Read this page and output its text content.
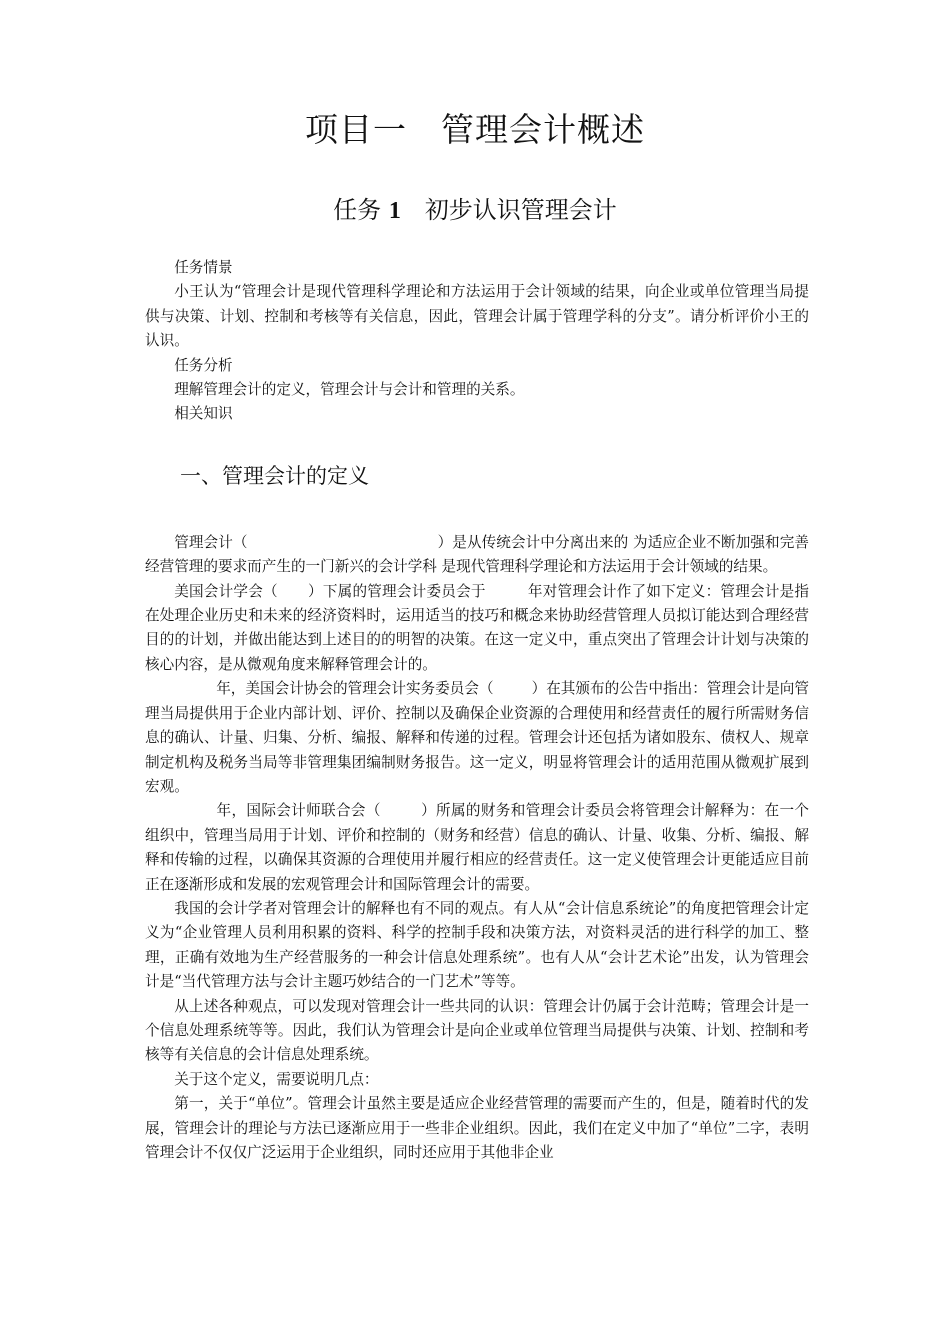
项目一　管理会计概述
任务 1　 初步认识管理会计

任务情景

小王认为“管理会计是现代管理科学理论和方法运用于会计领域的结果，向企业或单位管理当局提供与决策、计划、控制和考核等有关信息，因此，管理会计属于管理学科的分支”。请分析评价小王的认识。

任务分析

理解管理会计的定义，管理会计与会计和管理的关系。

相关知识

一、管理会计的定义

管理会计（	）是从传统会计中分离出来的 为适应企业不断加强和完善经营管理的要求而产生的一门新兴的会计学科 是现代管理科学理论和方法运用于会计领域的结果。

美国会计学会（ ）下属的管理会计委员会于	年对管理会计作了如下定义：管理会计是指在处理企业历史和未来的经济资料时，运用适当的技巧和概念来协助经营管理人员拟订能达到合理经营目的的计划，并做出能达到上述目的的明智的决策。在这一定义中，重点突出了管理会计计划与决策的核心内容，是从微观角度来解释管理会计的。

年，美国会计协会的管理会计实务委员会（	）在其颁布的公告中指出：管理会计是向管理当局提供用于企业内部计划、评价、控制以及确保企业资源的合理使用和经营责任的履行所需财务信息的确认、计量、归集、分析、编报、解释和传递的过程。管理会计还包括为诸如股东、债权人、规章制定机构及税务当局等非管理集团编制财务报告。这一定义，明显将管理会计的适用范围从微观扩展到宏观。

年，国际会计师联合会（	）所属的财务和管理会计委员会将管理会计解释为：在一个组织中，管理当局用于计划、评价和控制的（财务和经营）信息的确认、计量、收集、分析、编报、解释和传输的过程，以确保其资源的合理使用并履行相应的经营责任。这一定义使管理会计更能适应目前正在逐渐形成和发展的宏观管理会计和国际管理会计的需要。

我国的会计学者对管理会计的解释也有不同的观点。有人从“会计信息系统论”的角度把管理会计定义为“企业管理人员利用积累的资料、科学的控制手段和决策方法，对资料灵活的进行科学的加工、整理，正确有效地为生产经营服务的一种会计信息处理系统”。也有人从“会计艺术论”出发，认为管理会计是“当代管理方法与会计主题巧妙结合的一门艺术”等等。

从上述各种观点，可以发现对管理会计一些共同的认识：管理会计仍属于会计范畴；管理会计是一个信息处理系统等等。因此，我们认为管理会计是向企业或单位管理当局提供与决策、计划、控制和考核等有关信息的会计信息处理系统。

关于这个定义，需要说明几点：

第一，关于“单位”。管理会计虽然主要是适应企业经营管理的需要而产生的，但是，随着时代的发展，管理会计的理论与方法已逐渐应用于一些非企业组织。因此，我们在定义中加了“单位”二字，表明管理会计不仅仅广泛运用于企业组织，同时还应用于其他非企业
